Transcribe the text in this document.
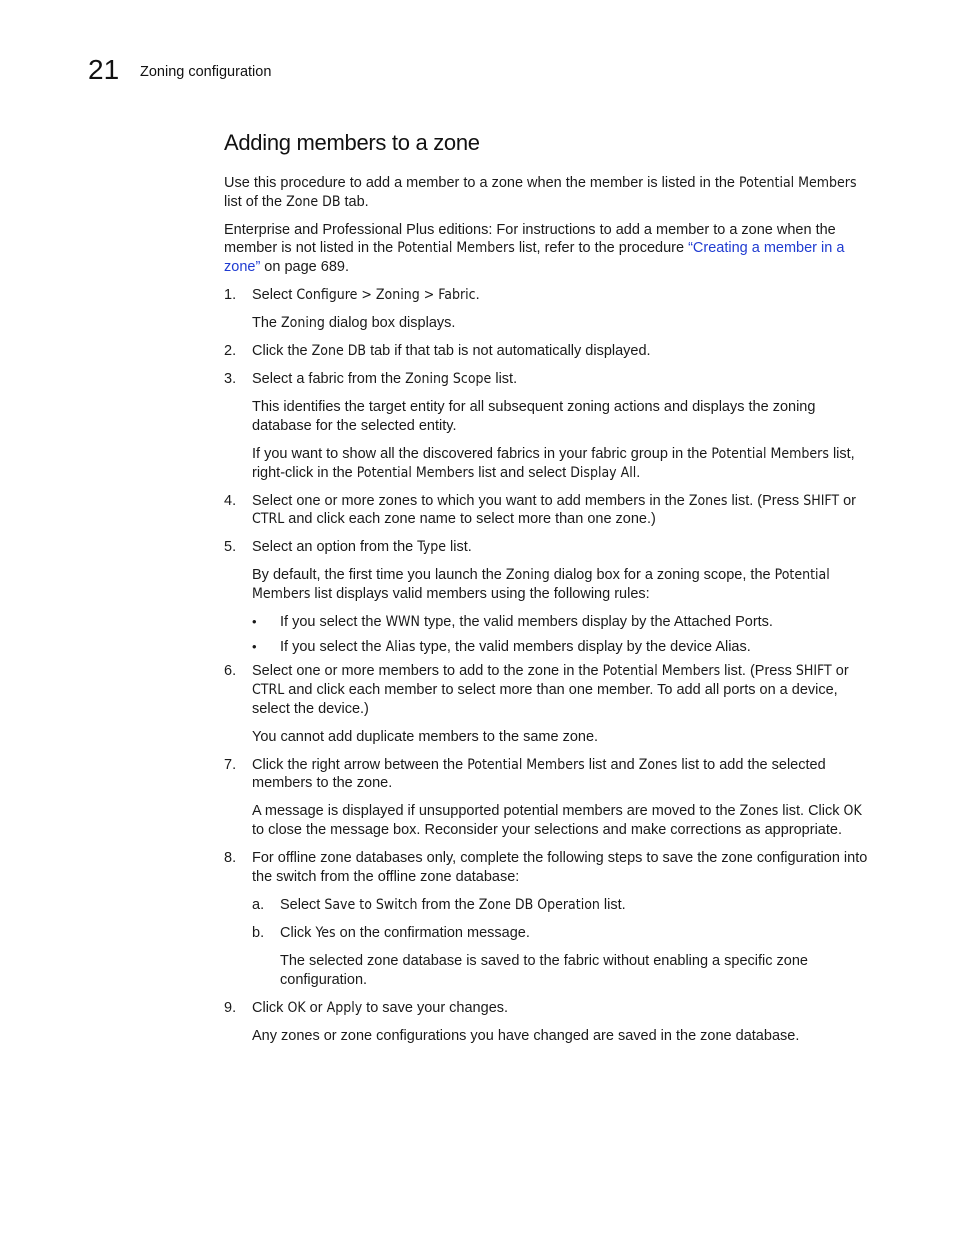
21 Zoning configuration
Adding members to a zone

Use this procedure to add a member to a zone when the member is listed in the Potential Members list of the Zone DB tab.

Enterprise and Professional Plus editions: For instructions to add a member to a zone when the member is not listed in the Potential Members list, refer to the procedure “Creating a member in a zone” on page 689.

1. Select Configure > Zoning > Fabric.

The Zoning dialog box displays.

2. Click the Zone DB tab if that tab is not automatically displayed.

3. Select a fabric from the Zoning Scope list.

This identifies the target entity for all subsequent zoning actions and displays the zoning database for the selected entity.

If you want to show all the discovered fabrics in your fabric group in the Potential Members list, right-click in the Potential Members list and select Display All.

4. Select one or more zones to which you want to add members in the Zones list. (Press SHIFT or CTRL and click each zone name to select more than one zone.)

5. Select an option from the Type list.

By default, the first time you launch the Zoning dialog box for a zoning scope, the Potential Members list displays valid members using the following rules:

• If you select the WWN type, the valid members display by the Attached Ports.

• If you select the Alias type, the valid members display by the device Alias.

6. Select one or more members to add to the zone in the Potential Members list. (Press SHIFT or CTRL and click each member to select more than one member. To add all ports on a device, select the device.)

You cannot add duplicate members to the same zone.

7. Click the right arrow between the Potential Members list and Zones list to add the selected members to the zone.

A message is displayed if unsupported potential members are moved to the Zones list. Click OK to close the message box. Reconsider your selections and make corrections as appropriate.

8. For offline zone databases only, complete the following steps to save the zone configuration into the switch from the offline zone database:

a. Select Save to Switch from the Zone DB Operation list.

b. Click Yes on the confirmation message.

The selected zone database is saved to the fabric without enabling a specific zone configuration.

9. Click OK or Apply to save your changes.

Any zones or zone configurations you have changed are saved in the zone database.
